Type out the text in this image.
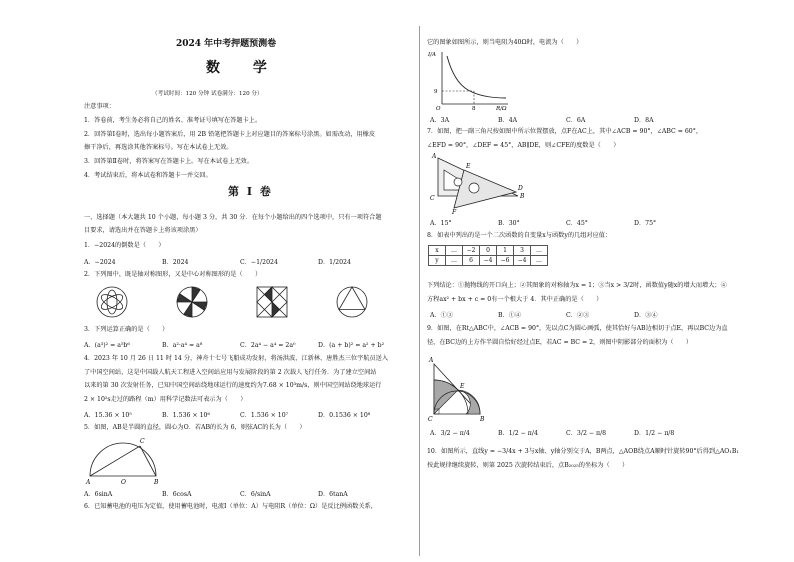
2024 年中考押题预测卷
数 学
（考试时间：120 分钟 试卷满分：120 分）
注意事项：
1．答卷前，考生务必将自己的姓名、准考证号填写在答题卡上。
2．回答第Ⅰ卷时，选出每小题答案后，用 2B 铅笔把答题卡上对应题目的答案标号涂黑。如需改动，用橡皮
擦干净后，再选涂其他答案标号。写在本试卷上无效。
3．回答第Ⅱ卷时，将答案写在答题卡上。写在本试卷上无效。
4．考试结束后，将本试卷和答题卡一并交回。
第 Ⅰ 卷
一、选择题（本大题共 10 个小题，每小题 3 分，共 30 分．在每个小题给出的四个选项中，只有一项符合题
目要求，请选出并在答题卡上将该项涂黑）
1．−2024的倒数是（　　）
A．−2024	B．2024	C．−1/2024	D．1/2024
2．下列图中，既是轴对称图形，又是中心对称图形的是（　　）
3．下列运算正确的是（　　）
A．(a³)² = a⁵b⁶	B．a²·a⁴ = a⁸	C．2a⁴ − a⁴ = 2a⁰	D．(a + b)² = a² + b²
4．2023 年 10 月 26 日 11 时 14 分，神舟十七号飞船成功发射，将汤洪波、江新林、唐胜杰三位宇航员送入
了中国空间站，这是中国载人航天工程进入空间站应用与发展阶段的第 2 次载人飞行任务．为了建立空间站
以来的第 30 次发射任务，已知中国空间站绕地球运行的速度约为7.68 × 10³m/s，则中国空间站绕地球运行
2 × 10²s走过的路程（m）用科学记数法可表示为（　　）
A．15.36 × 10⁵	B．1.536 × 10⁶	C．1.536 × 10⁷	D．0.1536 × 10⁸
5．如图，AB是半圆的直径，圆心为O．若AB的长为 6，则弦AC的长为（　　）
A	O	B
C
A．6sinA	B．6cosA	C．6/sinA	D．6tanA
6．已知蓄电池的电压为定值，使用蓄电池时，电流I（单位：A）与电阻R（单位：Ω）是反比例函数关系，
它的图象如图所示，则当电阻为40Ω时，电流为（　　）
I/A
R/Ω
9
8
O
A．3A	B．4A	C．6A	D．8A
7．如图，把一副三角尺按如图中所示位置摆放，点F在AC上，其中∠ACB = 90°，∠ABC = 60°，
∠EFD = 90°，∠DEF = 45°，AB∥DE，则∠CFE的度数是（　　）
A
C	B
E
F
D
A．15°	B．30°	C．45°	D．75°
8．如表中列出的是一个二次函数的自变量x与函数y的几组对应值：
x	…	−2	0	1	3	…
y	…	6	−4	−6	−4	…
下列结论：①抛物线的开口向上；②其图象的对称轴为x = 1；③当x > 3/2时，函数值y随x的增大而增大；④
方程ax² + bx + c = 0有一个根大于 4．其中正确的是（　　）
A．①③	B．①④	C．②③	D．③④
9．如图，在Rt△ABC中，∠ACB = 90°，先以点C为圆心画弧，使其恰好与AB边相切于点E，再以BC边为直
径，在BC边的上方作半圆自恰好经过点E，若AC = BC = 2，则图中阴影部分的面积为（　　）
A
E
C	B
A．3/2 − π/4	B．1/2 − π/4	C．3/2 − π/8	D．1/2 − π/8
10．如图所示，直线y = −3/4x + 3与x轴、y轴分别交于A，B两点，△AOB绕点A顺时针旋转90°后得到△AO₁B₁
按此规律继续旋转，则第 2025 次旋转结束后，点B₂₀₂₅的坐标为（　　）
